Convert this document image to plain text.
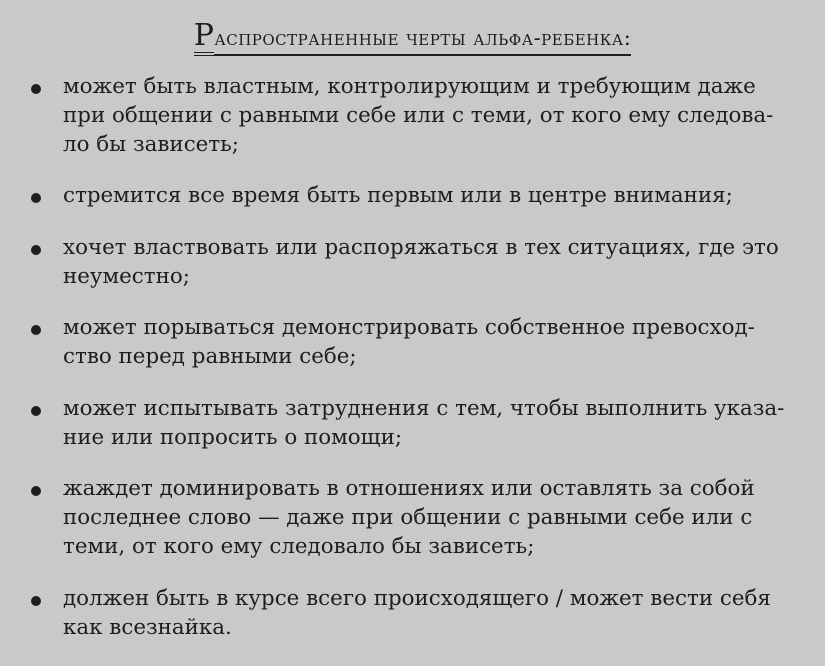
Распространенные черты альфа-ребенка:
может быть властным, контролирующим и требующим даже
при общении с равными себе или с теми, от кого ему следова-
ло бы зависеть;
стремится все время быть первым или в центре внимания;
хочет властвовать или распоряжаться в тех ситуациях, где это
неуместно;
может порываться демонстрировать собственное превосход-
ство перед равными себе;
может испытывать затруднения с тем, чтобы выполнить указа-
ние или попросить о помощи;
жаждет доминировать в отношениях или оставлять за собой
последнее слово — даже при общении с равными себе или с
теми, от кого ему следовало бы зависеть;
должен быть в курсе всего происходящего / может вести себя
как всезнайка.
